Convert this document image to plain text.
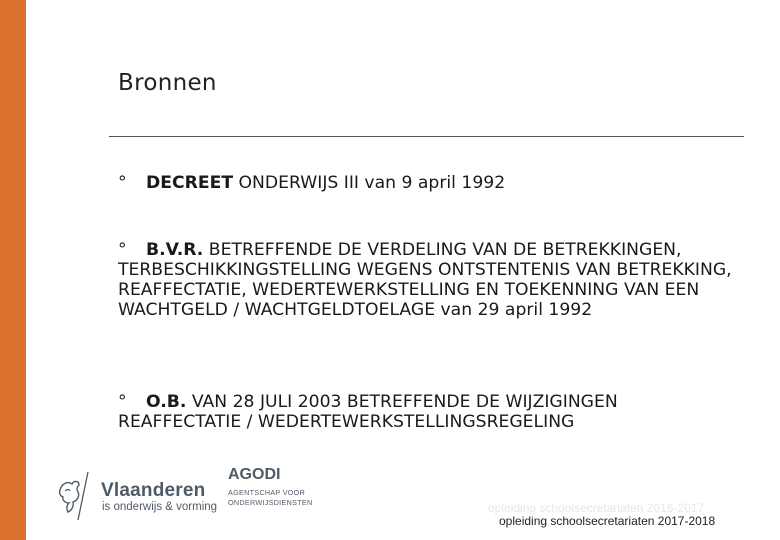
Bronnen
° DECREET ONDERWIJS III van 9 april 1992
° B.V.R. BETREFFENDE DE VERDELING VAN DE BETREKKINGEN, TERBESCHIKKINGSTELLING WEGENS ONTSTENTENIS VAN BETREKKING, REAFFECTATIE, WEDERTEWERKSTELLING EN TOEKENNING VAN EEN WACHTGELD / WACHTGELDTOELAGE van 29 april 1992
° O.B. VAN 28 JULI 2003 BETREFFENDE DE WIJZIGINGEN REAFFECTATIE / WEDERTEWERKSTELLINGSREGELING
Vlaanderen
is onderwijs & vorming
AGODI
AGENTSCHAP VOOR ONDERWIJSDIENSTEN	opleiding schoolsecretariaten 2016-2017
opleiding schoolsecretariaten 2017-2018
